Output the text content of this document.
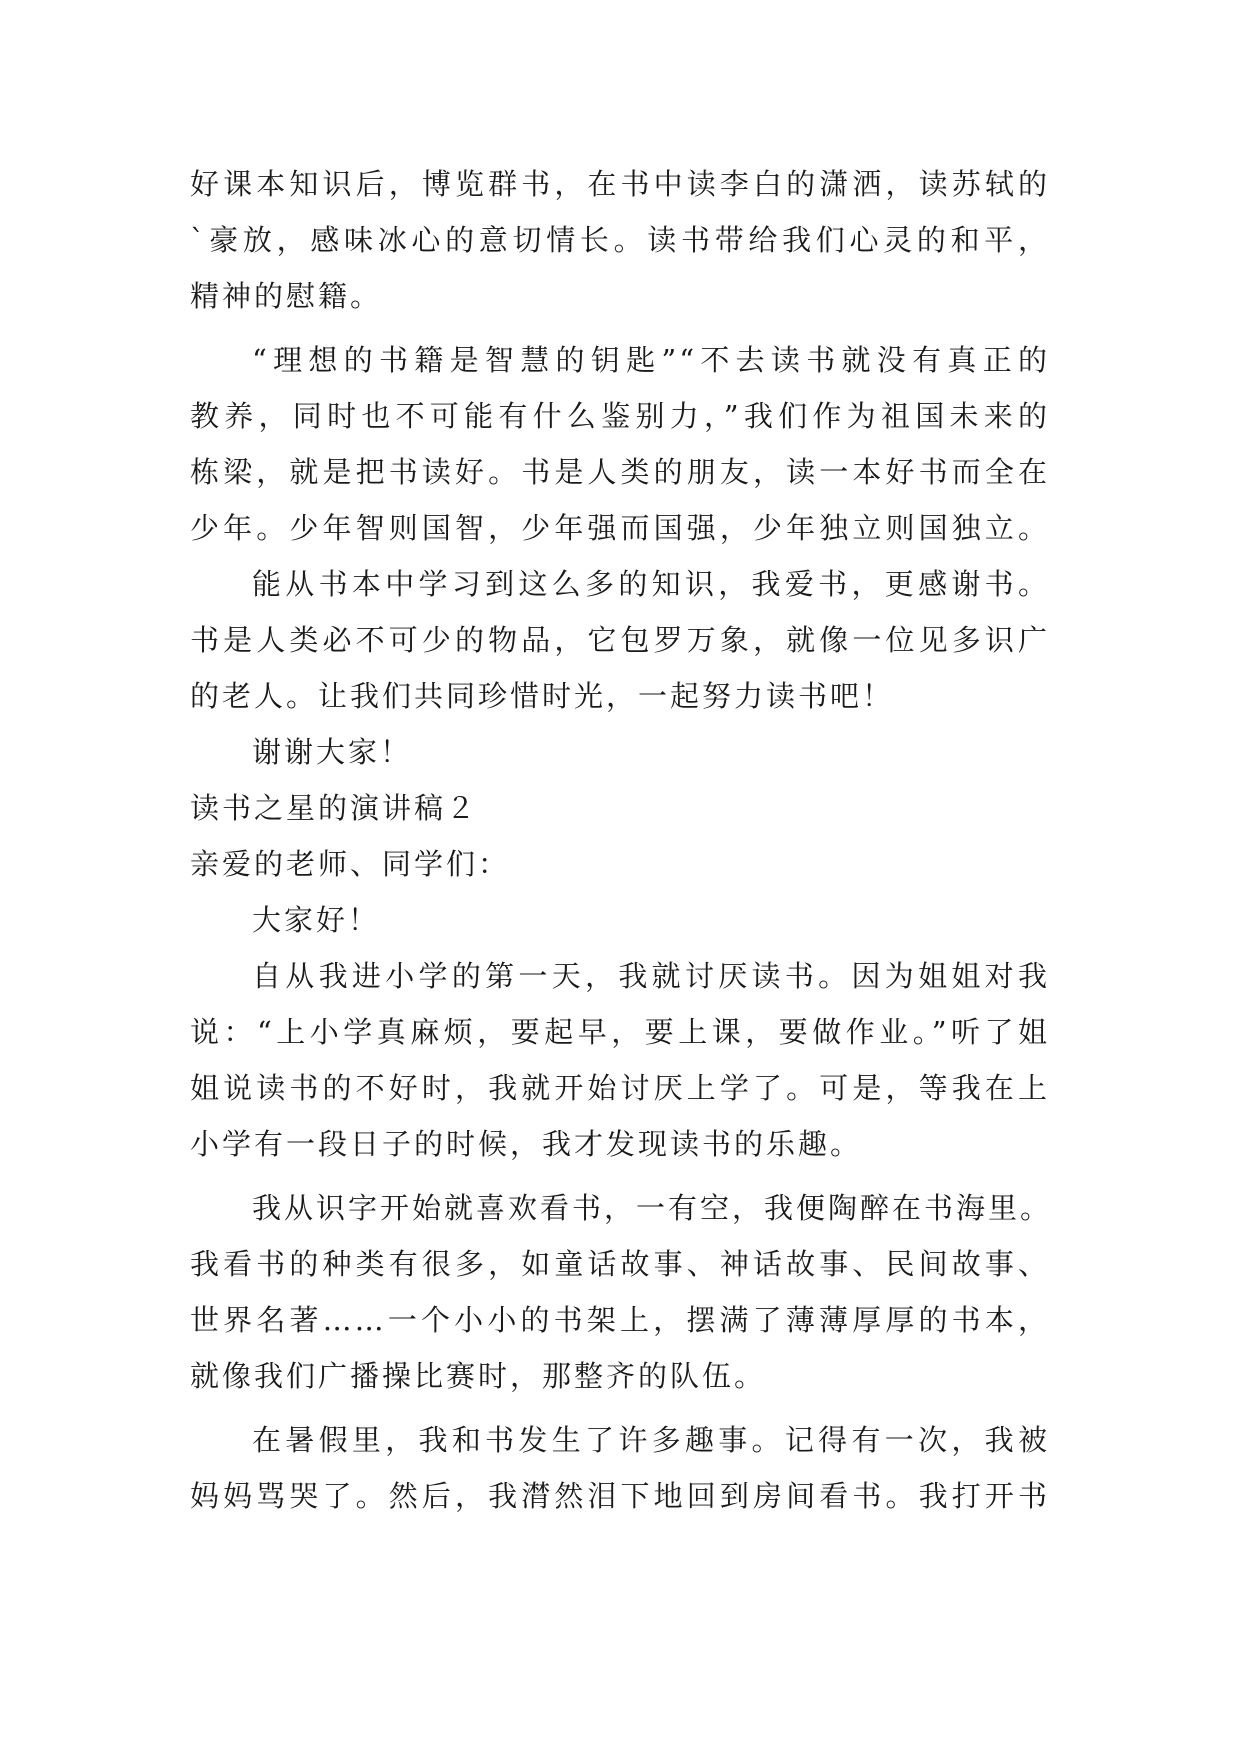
好课本知识后，博览群书，在书中读李白的潇洒，读苏轼的
`豪放，感味冰心的意切情长。读书带给我们心灵的和平，
精神的慰籍。
“理想的书籍是智慧的钥匙”“不去读书就没有真正的
教养，同时也不可能有什么鉴别力，”我们作为祖国未来的
栋梁，就是把书读好。书是人类的朋友，读一本好书而全在
少年。少年智则国智，少年强而国强，少年独立则国独立。
能从书本中学习到这么多的知识，我爱书，更感谢书。
书是人类必不可少的物品，它包罗万象，就像一位见多识广
的老人。让我们共同珍惜时光，一起努力读书吧！
谢谢大家！
读书之星的演讲稿２
亲爱的老师、同学们：
大家好！
自从我进小学的第一天，我就讨厌读书。因为姐姐对我
说：“上小学真麻烦，要起早，要上课，要做作业。”听了姐
姐说读书的不好时，我就开始讨厌上学了。可是，等我在上
小学有一段日子的时候，我才发现读书的乐趣。
我从识字开始就喜欢看书，一有空，我便陶醉在书海里。
我看书的种类有很多，如童话故事、神话故事、民间故事、
世界名著……一个小小的书架上，摆满了薄薄厚厚的书本，
就像我们广播操比赛时，那整齐的队伍。
在暑假里，我和书发生了许多趣事。记得有一次，我被
妈妈骂哭了。然后，我潸然泪下地回到房间看书。我打开书
